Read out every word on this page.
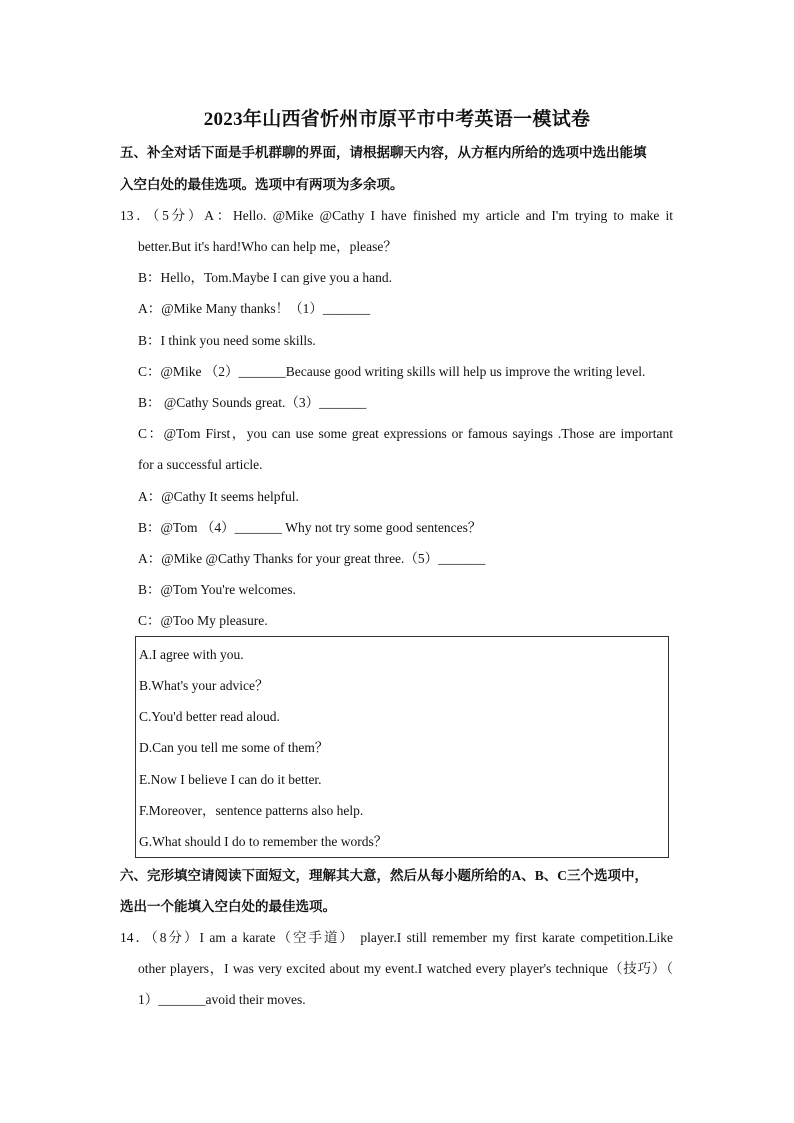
2023年山西省忻州市原平市中考英语一模试卷
五、补全对话下面是手机群聊的界面，请根据聊天内容，从方框内所给的选项中选出能填
入空白处的最佳选项。选项中有两项为多余项。
13．（5分）A：Hello. @Mike @Cathy I have finished my article and I'm trying to make it
better.But it's hard!Who can help me，please？
B：Hello，Tom.Maybe I can give you a hand.
A：@Mike Many thanks！（1）_______
B：I think you need some skills.
C：@Mike （2）_______Because good writing skills will help us improve the writing level.
B： @Cathy Sounds great.（3）_______
C：@Tom First，you can use some great expressions or famous sayings .Those are important
for a successful article.
A：@Cathy It seems helpful.
B：@Tom （4）_______ Why not try some good sentences？
A：@Mike @Cathy Thanks for your great three.（5）_______
B：@Tom You're welcomes.
C：@Too My pleasure.
A.I agree with you.
B.What's your advice？
C.You'd better read aloud.
D.Can you tell me some of them？
E.Now I believe I can do it better.
F.Moreover，sentence patterns also help.
G.What should I do to remember the words？
六、完形填空请阅读下面短文，理解其大意，然后从每小题所给的A、B、C三个选项中，
选出一个能填入空白处的最佳选项。
14．（8分）I am a karate（空手道） player.I still remember my first karate competition.Like
other players，I was very excited about my event.I watched every player's technique（技巧）（
1）_______avoid their moves.
